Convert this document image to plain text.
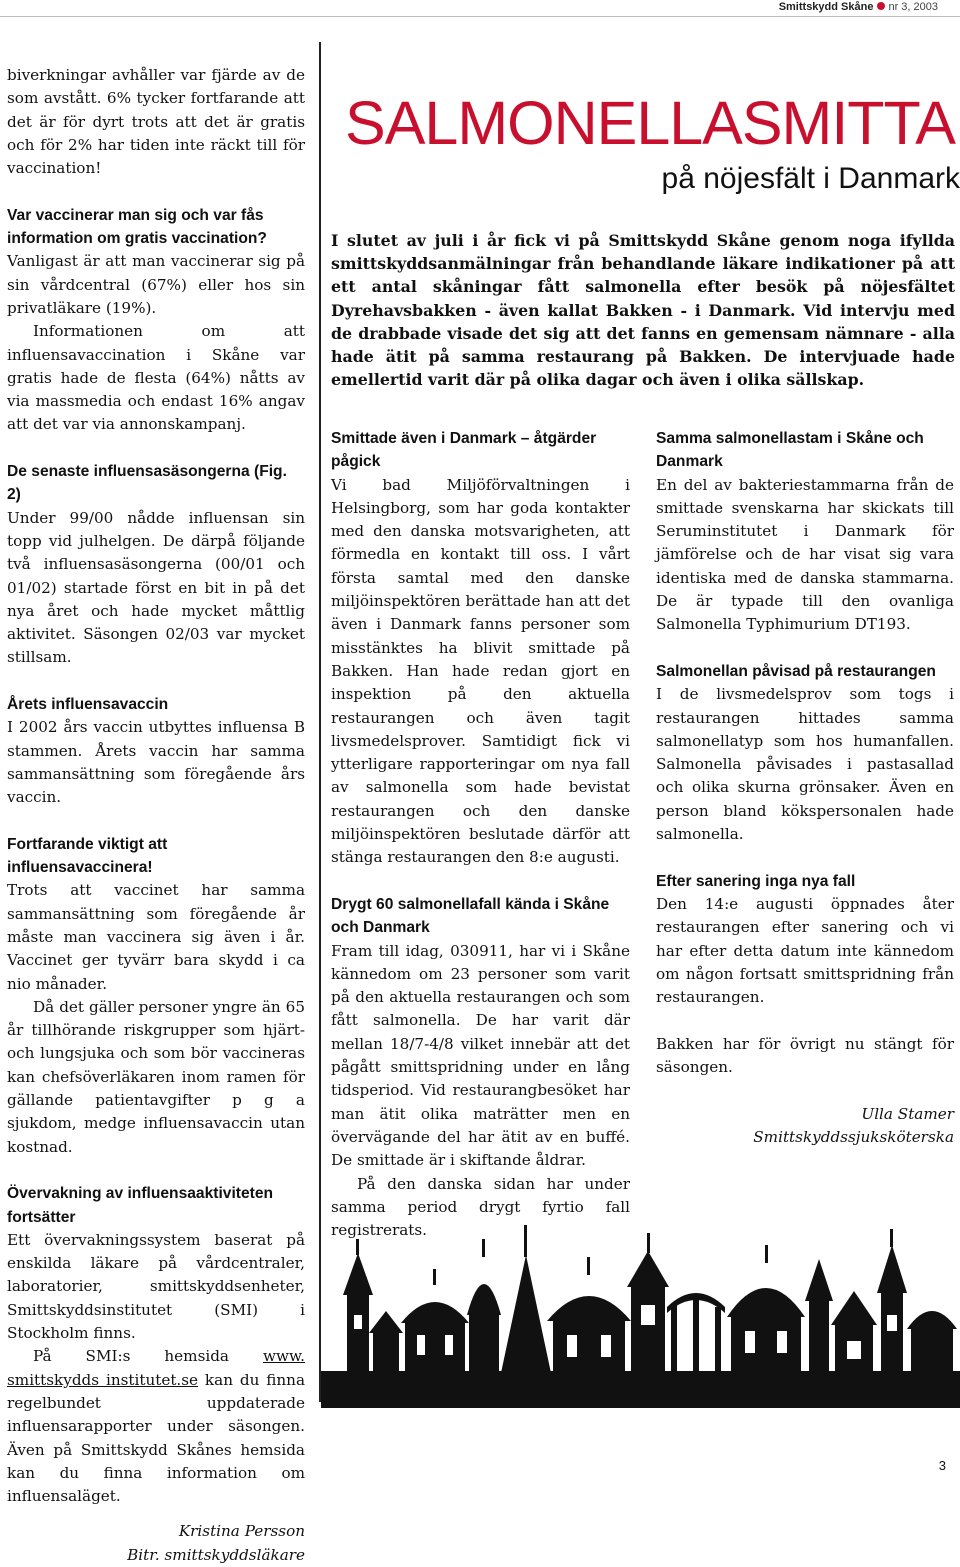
Smittskydd Skåne nr 3, 2003

biverkningar avhåller var fjärde av de som avstått. 6% tycker fortfarande att det är för dyrt trots att det är gratis och för 2% har tiden inte räckt till för vaccination!

Var vaccinerar man sig och var fås information om gratis vaccination?

Vanligast är att man vaccinerar sig på sin vårdcentral (67%) eller hos sin privatläkare (19%).

Informationen om att influensavaccination i Skåne var gratis hade de flesta (64%) nåtts av via massmedia och endast 16% angav att det var via annonskampanj.

De senaste influensasäsongerna (Fig. 2)

Under 99/00 nådde influensan sin topp vid julhelgen. De därpå följande två influensasäsongerna (00/01 och 01/02) startade först en bit in på det nya året och hade mycket måttlig aktivitet. Säsongen 02/03 var mycket stillsam.

Årets influensavaccin

I 2002 års vaccin utbyttes influensa B stammen. Årets vaccin har samma sammansättning som föregående års vaccin.

Fortfarande viktigt att influensavaccinera!

Trots att vaccinet har samma sammansättning som föregående år måste man vaccinera sig även i år. Vaccinet ger tyvärr bara skydd i ca nio månader.

Då det gäller personer yngre än 65 år tillhörande riskgrupper som hjärt- och lungsjuka och som bör vaccineras kan chefsöverläkaren inom ramen för gällande patientavgifter p g a sjukdom, medge influensavaccin utan kostnad.

Övervakning av influensaaktiviteten fortsätter

Ett övervakningssystem baserat på enskilda läkare på vårdcentraler, laboratorier, smittskyddsenheter, Smittskyddsinstitutet (SMI) i Stockholm finns.

På SMI:s hemsida www. smittskydds institutet.se kan du finna regelbundet uppdaterade influensarapporter under säsongen. Även på Smittskydd Skånes hemsida kan du finna information om influensaläget.

Kristina Persson
Bitr. smittskyddsläkare
SALMONELLASMITTA
på nöjesfält i Danmark
I slutet av juli i år fick vi på Smittskydd Skåne genom noga ifyllda smittskyddsanmälningar från behandlande läkare indikationer på att ett antal skåningar fått salmonella efter besök på nöjesfältet Dyrehavsbakken - även kallat Bakken - i Danmark. Vid intervju med de drabbade visade det sig att det fanns en gemensam nämnare - alla hade ätit på samma restaurang på Bakken. De intervjuade hade emellertid varit där på olika dagar och även i olika sällskap.
Smittade även i Danmark – åtgärder pågick

Vi bad Miljöförvaltningen i Helsingborg, som har goda kontakter med den danska motsvarigheten, att förmedla en kontakt till oss. I vårt första samtal med den danske miljöinspektören berättade han att det även i Danmark fanns personer som misstänktes ha blivit smittade på Bakken. Han hade redan gjort en inspektion på den aktuella restaurangen och även tagit livsmedelsprover. Samtidigt fick vi ytterligare rapporteringar om nya fall av salmonella som hade bevistat restaurangen och den danske miljöinspektören beslutade därför att stänga restaurangen den 8:e augusti.

Drygt 60 salmonellafall kända i Skåne och Danmark

Fram till idag, 030911, har vi i Skåne kännedom om 23 personer som varit på den aktuella restaurangen och som fått salmonella. De har varit där mellan 18/7-4/8 vilket innebär att det pågått smittspridning under en lång tidsperiod. Vid restaurangbesöket har man ätit olika maträtter men en övervägande del har ätit av en buffé. De smittade är i skiftande åldrar.

På den danska sidan har under samma period drygt fyrtio fall registrerats.

Samma salmonellastam i Skåne och Danmark

En del av bakteriestammarna från de smittade svenskarna har skickats till Seruminstitutet i Danmark för jämförelse och de har visat sig vara identiska med de danska stammarna. De är typade till den ovanliga Salmonella Typhimurium DT193.

Salmonellan påvisad på restaurangen

I de livsmedelsprov som togs i restaurangen hittades samma salmonellatyp som hos humanfallen. Salmonella påvisades i pastasallad och olika skurna grönsaker. Även en person bland kökspersonalen hade salmonella.

Efter sanering inga nya fall

Den 14:e augusti öppnades åter restaurangen efter sanering och vi har efter detta datum inte kännedom om någon fortsatt smittspridning från restaurangen.

Bakken har för övrigt nu stängt för säsongen.

Ulla Stamer
Smittskyddssjuksköterska
3
